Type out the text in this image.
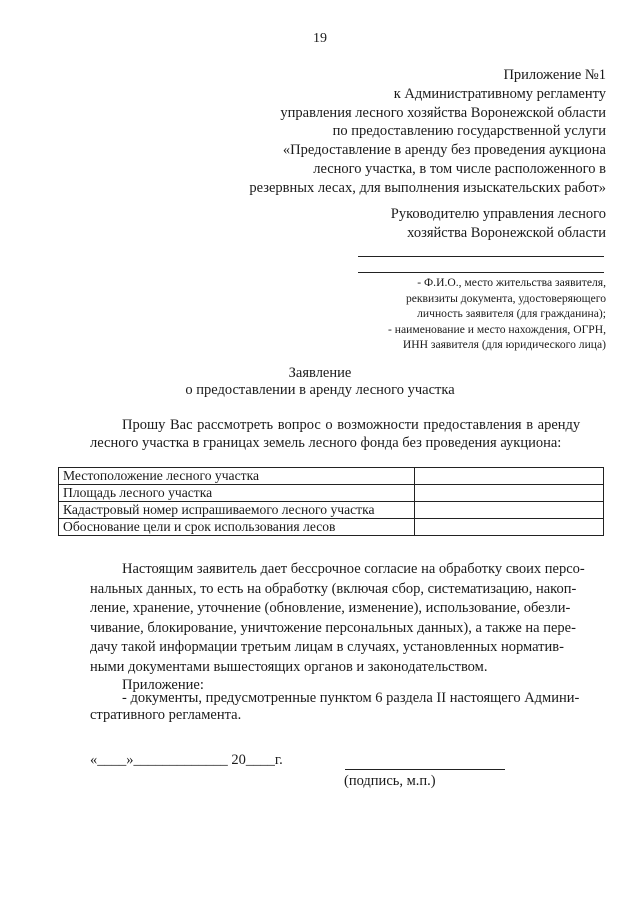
19
Приложение №1
к Административному регламенту
управления лесного хозяйства Воронежской области
по предоставлению государственной услуги
«Предоставление в аренду без проведения аукциона
лесного участка, в том числе расположенного в
резервных лесах, для выполнения изыскательских работ»
Руководителю управления лесного
хозяйства Воронежской области
- Ф.И.О., место жительства заявителя,
реквизиты документа, удостоверяющего
личность заявителя (для гражданина);
- наименование и место нахождения, ОГРН,
ИНН заявителя (для юридического лица)
Заявление
о предоставлении в аренду лесного участка
Прошу Вас рассмотреть вопрос о возможности предоставления в аренду
лесного участка в границах земель лесного фонда без проведения аукциона:
Местоположение лесного участка	
Площадь лесного участка	
Кадастровый номер испрашиваемого лесного участка	
Обоснование цели и срок использования лесов	
Настоящим заявитель дает бессрочное согласие на обработку своих персо-
нальных данных, то есть на обработку (включая сбор, систематизацию, накоп-
ление, хранение, уточнение (обновление, изменение), использование, обезли-
чивание, блокирование, уничтожение персональных данных), а также на пере-
дачу такой информации третьим лицам в случаях, установленных норматив-
ными документами вышестоящих органов и законодательством.
Приложение:
- документы, предусмотренные пунктом 6 раздела II настоящего Админи-
стративного регламента.
«____»_____________ 20____г.
(подпись, м.п.)
